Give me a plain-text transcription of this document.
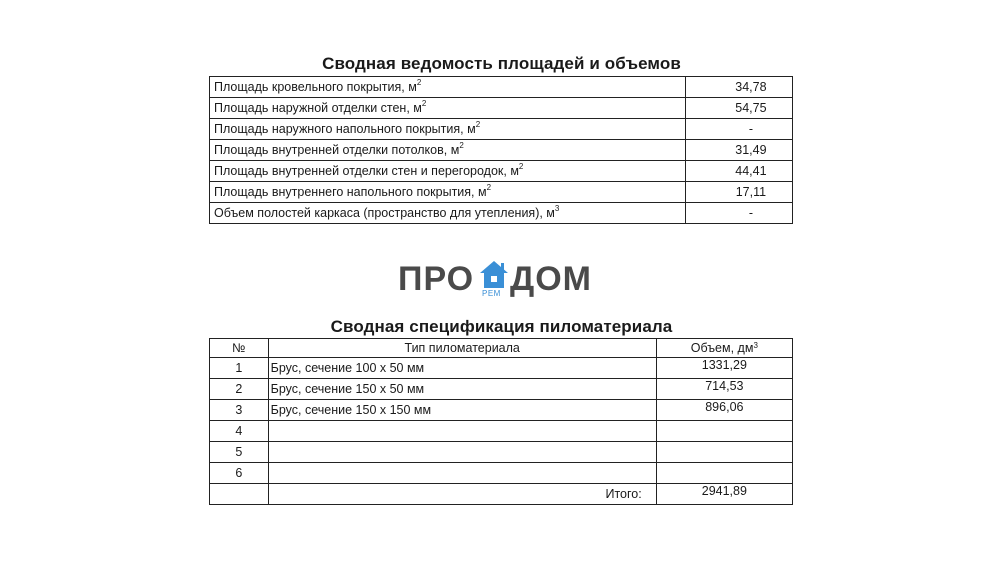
Сводная ведомость площадей и объемов
Площадь кровельного покрытия, $м^2$	34,78
Площадь наружной отделки стен, $м^2$	54,75
Площадь наружного напольного покрытия, $м^2$	-
Площадь внутренней отделки потолков, $м^2$	31,49
Площадь внутренней отделки стен и перегородок, $м^2$	44,41
Площадь внутреннего напольного покрытия, $м^2$	17,11
Объем полостей каркаса (пространство для утепления), $м^3$	-
ПРО РЕМ ДОМ
Сводная спецификация пиломатериала
№	Тип пиломатериала	Объем, $дм^3$
1	Брус, сечение 100 х 50 мм	1331,29
2	Брус, сечение 150 х 50 мм	714,53
3	Брус, сечение 150 х 150 мм	896,06
4		
5		
6		
	Итого:	2941,89
